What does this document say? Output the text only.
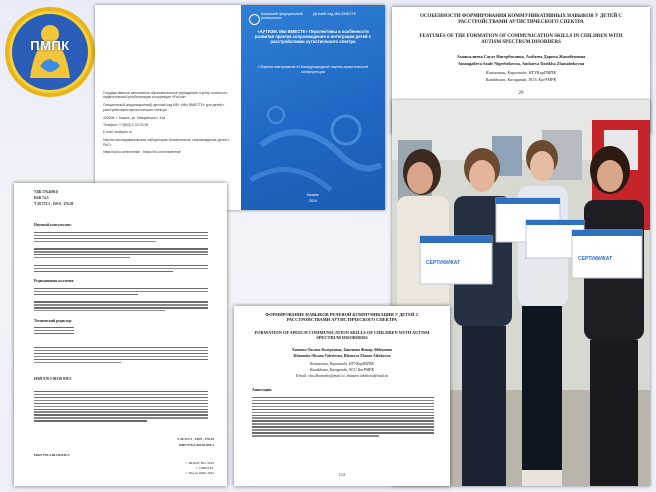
ПМПК
Государственное автономное образовательное учреждение «Центр психолого-педагогической реабилитации и коррекции «Росток»
Специальный (коррекционный) детский сад КФУ «МЫ ВМЕСТЕ» для детей с расстройствами аутистического спектра
420008, г. Казань, ул. Мавринского, 41а
Телефон: +7(843) 2-33-76-55
E-mail: ds@kpfu.ru
Научно-исследовательская лаборатория «Комплексное сопровождение детей с РАС»
https://kpfu.ru/mbvmeste · https://vk.com/mbvmeste
Казанский федеральный университет
Детский сад МЫ ВМЕСТЕ
«АУТИЗМ. МЫ ВМЕСТЕ» Перспективы и особенности развития практик сопровождения и интеграции детей с расстройствами аутистического спектра
Сборник материалов III Международной научно-практической конференции
Казань
2024
ОСОБЕННОСТИ ФОРМИРОВАНИЯ КОММУНИКАТИВНЫХ НАВЫКОВ У ДЕТЕЙ С РАССТРОЙСТВАМИ АУТИСТИЧЕСКОГО СПЕКТРА
FEATURES OF THE FORMATION OF COMMUNICATION SKILLS IN CHILDREN WITH AUTISM SPECTRUM DISORDERS
Амангалиева Сауле Нигербековна, Амбаева Дариха Жанабековна
Amangalieva Saule Nigerbekovna, Ambaeva Darikha Zhanabekovna
Казахстан, Караганда, НГУКарПМПК
Kazakhstan, Karaganda, NGU KarPMPK
29
СЕРТИФИКАТ
СЕРТИФИКАТ
УДК 376.4(063)
ББК 74.3
Т 28 373.3 , 159.9 , 376.29
Научный консультант:
Редакционная коллегия:
Технический редактор:
ISBN 978-5-00130-839-5
Т 28 373.3 , 159.9 , 376.29
ISBN 978-5-00130-839-5
ISBN 978-5-00130-839-5
© ФГАОУ ВО, 2024
© ОНЦП РС
© Изд-во КФУ, 2024
ФОРМИРОВАНИЕ НАВЫКОВ РЕЧЕВОЙ КОММУНИКАЦИИ У ДЕТЕЙ С РАССТРОЙСТВАМИ АУТИСТИЧЕСКОГО СПЕКТРА
FORMATION OF SPEECH COMMUNICATION SKILLS OF CHILDREN WITH AUTISM SPECTRUM DISORDERS
Ханенко Оксана Валерьевна, Бикенова Жанар Айбековна
Khanenko Oksana Valerievna, Bikenova Zhanar Aibekovna
Казахстан, Караганда, НГУКарПМПК
Kazakhstan, Karaganda, NGU KarPMPK
E-mail: oksi.khanenko@mail.ru, zhanara.aibekova@mail.ru
Аннотация.
112
